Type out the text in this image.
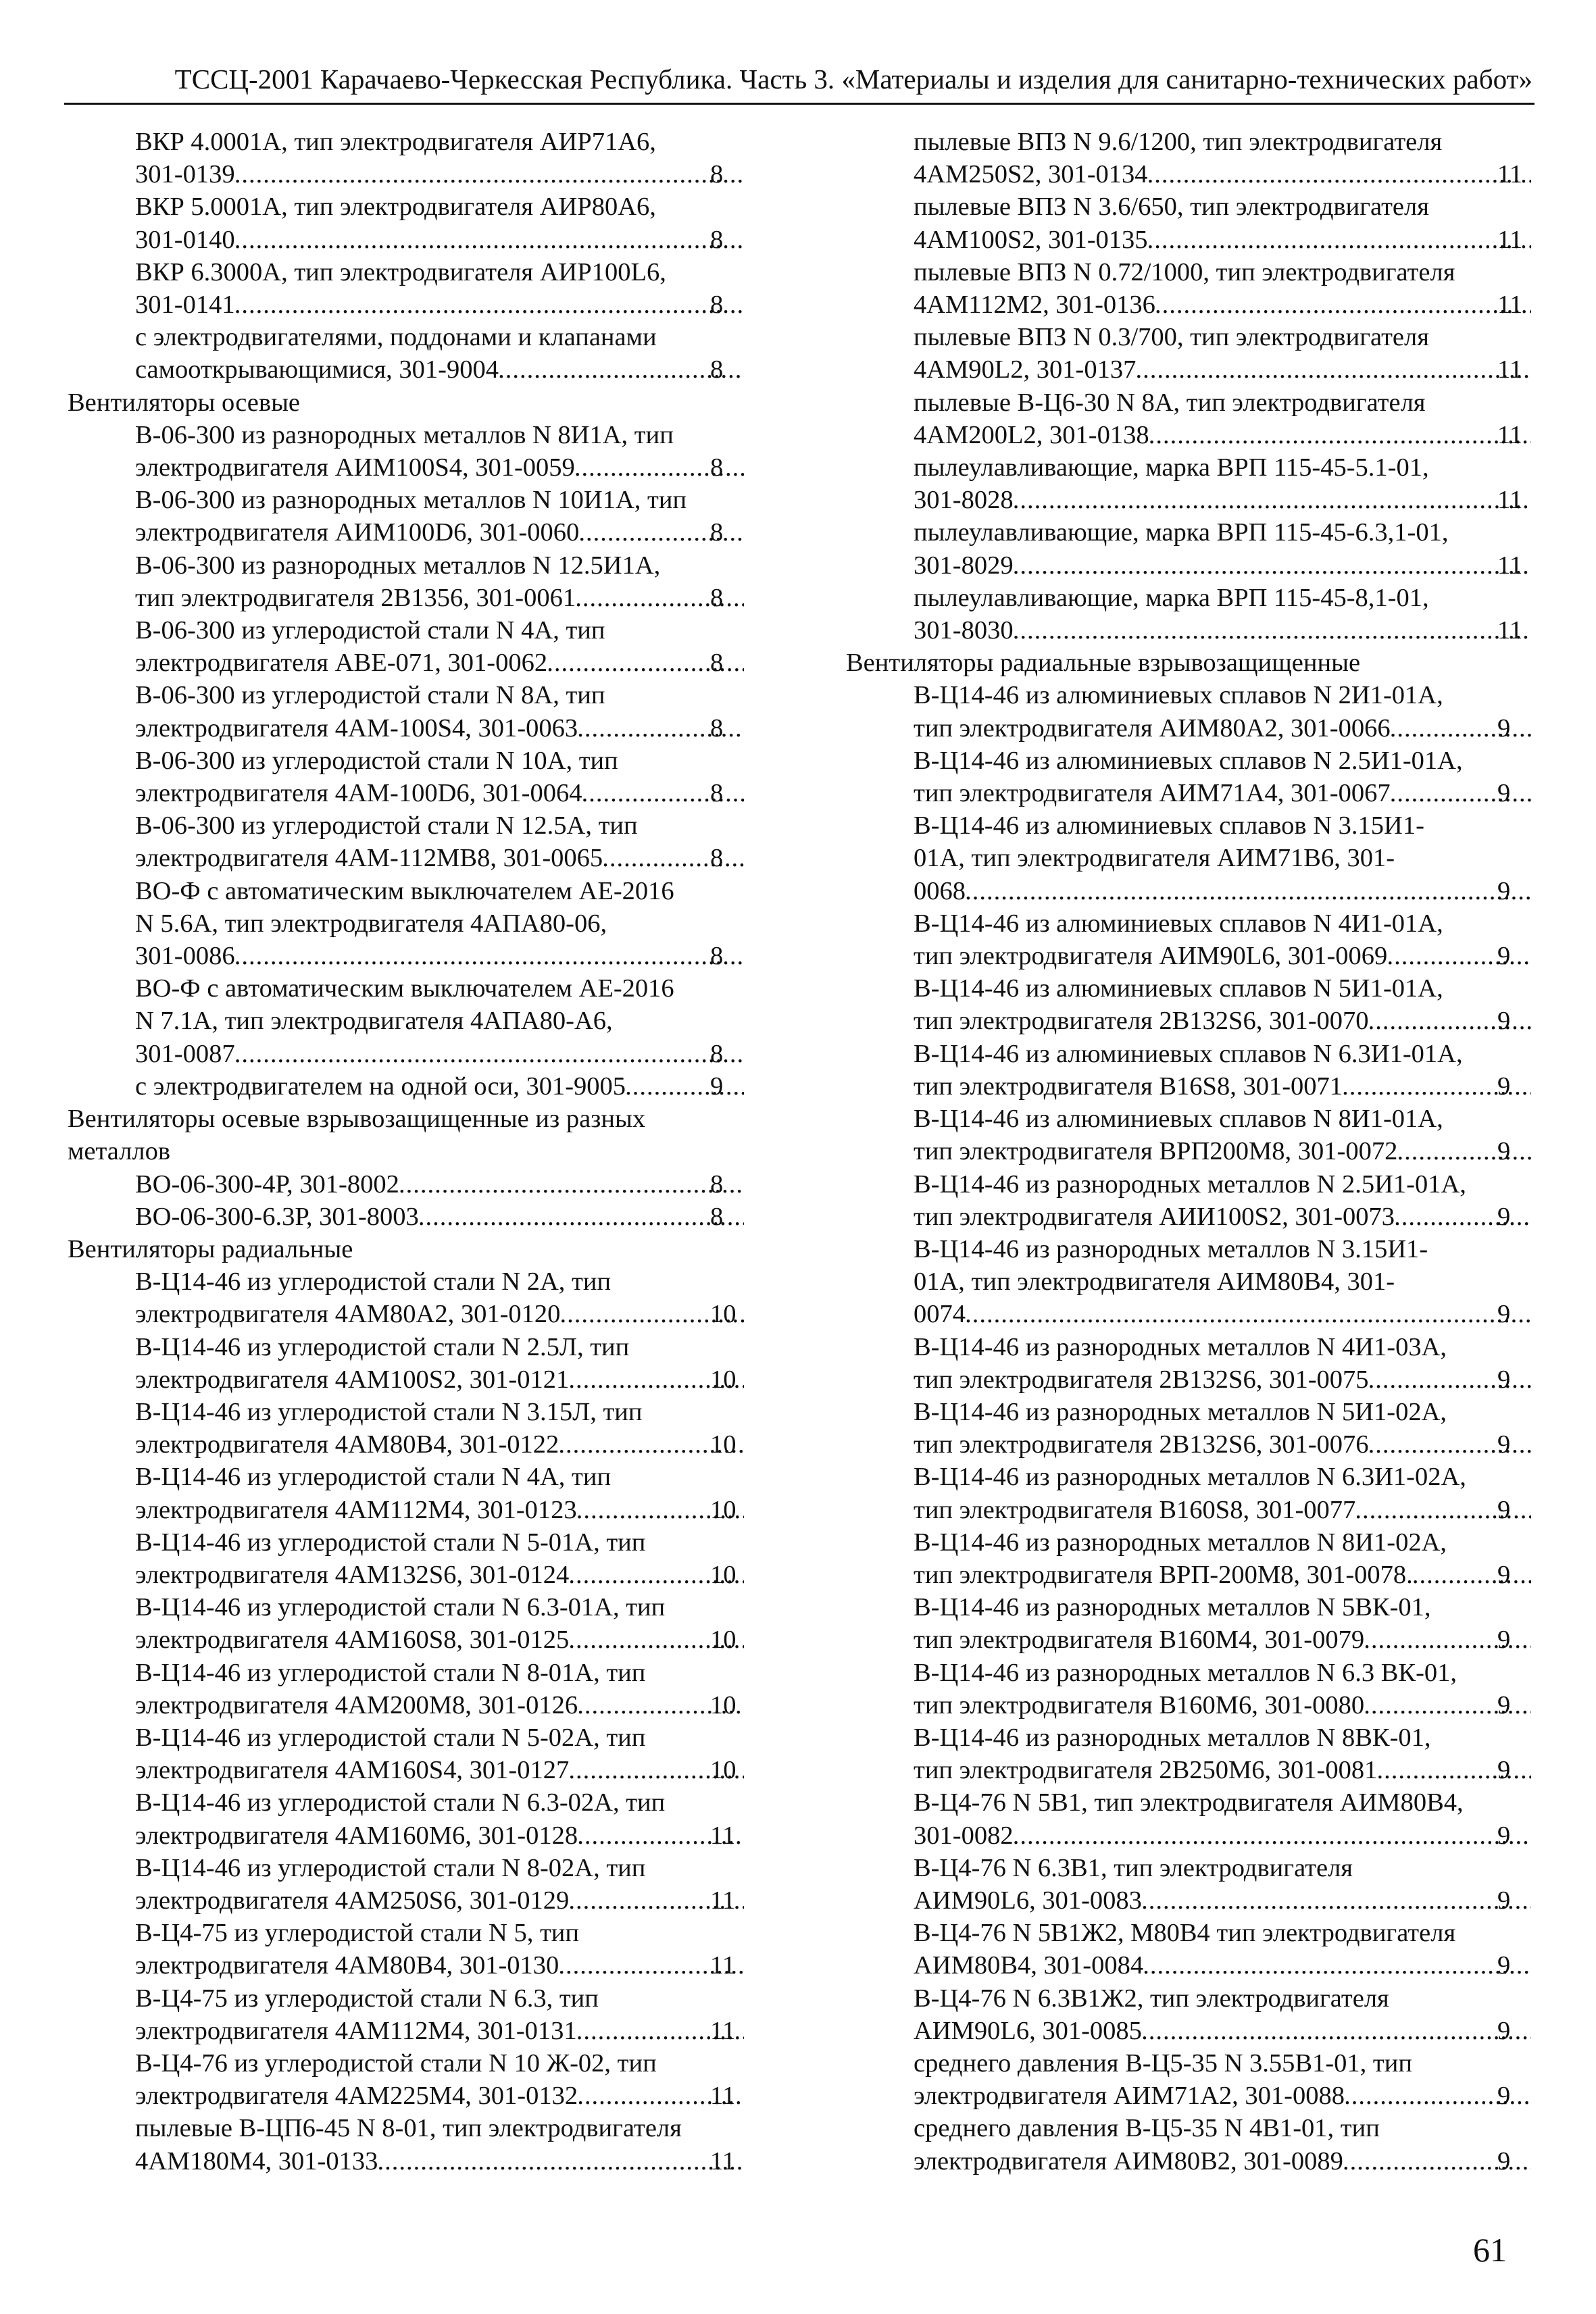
ТССЦ-2001 Карачаево-Черкесская Республика. Часть 3. «Материалы и изделия для санитарно-технических работ»
ВКР 4.0001А, тип электродвигателя АИР71А6,
301-0139 .....	8
ВКР 5.0001А, тип электродвигателя АИР80А6,
301-0140 .....	8
ВКР 6.3000А, тип электродвигателя АИР100L6,
301-0141 .....	8
с электродвигателями, поддонами и клапанами
самооткрывающимися, 301-9004 .....	8
Вентиляторы осевые
В-06-300 из разнородных металлов N 8И1А, тип
электродвигателя АИМ100S4, 301-0059 .....	8
В-06-300 из разнородных металлов N 10И1А, тип
электродвигателя АИМ100D6, 301-0060 .....	8
В-06-300 из разнородных металлов N 12.5И1А,
тип электродвигателя 2В1356, 301-0061 .....	8
В-06-300 из углеродистой стали N 4А, тип
электродвигателя АВЕ-071, 301-0062 .....	8
В-06-300 из углеродистой стали N 8А, тип
электродвигателя 4АМ-100S4, 301-0063 .....	8
В-06-300 из углеродистой стали N 10А, тип
электродвигателя 4АМ-100D6, 301-0064 .....	8
В-06-300 из углеродистой стали N 12.5А, тип
электродвигателя 4АМ-112МВ8, 301-0065 .....	8
ВО-Ф с автоматическим выключателем АЕ-2016
N 5.6А, тип электродвигателя 4АПА80-06,
301-0086 .....	8
ВО-Ф с автоматическим выключателем АЕ-2016
N 7.1А, тип электродвигателя 4АПА80-А6,
301-0087 .....	8
с электродвигателем на одной оси, 301-9005 .....	9
Вентиляторы осевые взрывозащищенные из разных
металлов
ВО-06-300-4Р, 301-8002 .....	8
ВО-06-300-6.3Р, 301-8003 .....	8
Вентиляторы радиальные
В-Ц14-46 из углеродистой стали N 2А, тип
электродвигателя 4АМ80А2, 301-0120 .....	10
В-Ц14-46 из углеродистой стали N 2.5Л, тип
электродвигателя 4АМ100S2, 301-0121 .....	10
В-Ц14-46 из углеродистой стали N 3.15Л, тип
электродвигателя 4АМ80В4, 301-0122 .....	10
В-Ц14-46 из углеродистой стали N 4А, тип
электродвигателя 4АМ112М4, 301-0123 .....	10
В-Ц14-46 из углеродистой стали N 5-01А, тип
электродвигателя 4АМ132S6, 301-0124 .....	10
В-Ц14-46 из углеродистой стали N 6.3-01А, тип
электродвигателя 4АМ160S8, 301-0125 .....	10
В-Ц14-46 из углеродистой стали N 8-01А, тип
электродвигателя 4АМ200М8, 301-0126 .....	10
В-Ц14-46 из углеродистой стали N 5-02А, тип
электродвигателя 4АМ160S4, 301-0127 .....	10
В-Ц14-46 из углеродистой стали N 6.3-02А, тип
электродвигателя 4АМ160М6, 301-0128 .....	11
В-Ц14-46 из углеродистой стали N 8-02А, тип
электродвигателя 4АМ250S6, 301-0129 .....	11
В-Ц4-75 из углеродистой стали N 5, тип
электродвигателя 4АМ80В4, 301-0130 .....	11
В-Ц4-75 из углеродистой стали N 6.3, тип
электродвигателя 4АМ112М4, 301-0131 .....	11
В-Ц4-76 из углеродистой стали N 10 Ж-02, тип
электродвигателя 4АМ225М4, 301-0132 .....	11
пылевые В-ЦП6-45 N 8-01, тип электродвигателя
4АМ180М4, 301-0133 .....	11
пылевые ВПЗ N 9.6/1200, тип электродвигателя
4АМ250S2, 301-0134 .....	11
пылевые ВПЗ N 3.6/650, тип электродвигателя
4АМ100S2, 301-0135 .....	11
пылевые ВПЗ N 0.72/1000, тип электродвигателя
4АМ112М2, 301-0136 .....	11
пылевые ВПЗ N 0.3/700, тип электродвигателя
4АМ90L2, 301-0137 .....	11
пылевые В-Ц6-30 N 8А, тип электродвигателя
4АМ200L2, 301-0138 .....	11
пылеулавливающие, марка ВРП 115-45-5.1-01,
301-8028 .....	11
пылеулавливающие, марка ВРП 115-45-6.3,1-01,
301-8029 .....	11
пылеулавливающие, марка ВРП 115-45-8,1-01,
301-8030 .....	11
Вентиляторы радиальные взрывозащищенные
В-Ц14-46 из алюминиевых сплавов N 2И1-01А,
тип электродвигателя АИМ80А2, 301-0066 .....	9
В-Ц14-46 из алюминиевых сплавов N 2.5И1-01А,
тип электродвигателя АИМ71А4, 301-0067 .....	9
В-Ц14-46 из алюминиевых сплавов N 3.15И1-
01А, тип электродвигателя АИМ71В6, 301-
0068 .....	9
В-Ц14-46 из алюминиевых сплавов N 4И1-01А,
тип электродвигателя АИМ90L6, 301-0069 .....	9
В-Ц14-46 из алюминиевых сплавов N 5И1-01А,
тип электродвигателя 2В132S6, 301-0070 .....	9
В-Ц14-46 из алюминиевых сплавов N 6.3И1-01А,
тип электродвигателя В16S8, 301-0071 .....	9
В-Ц14-46 из алюминиевых сплавов N 8И1-01А,
тип электродвигателя ВРП200М8, 301-0072 .....	9
В-Ц14-46 из разнородных металлов N 2.5И1-01А,
тип электродвигателя АИИ100S2, 301-0073 .....	9
В-Ц14-46 из разнородных металлов N 3.15И1-
01А, тип электродвигателя АИМ80В4, 301-
0074 .....	9
В-Ц14-46 из разнородных металлов N 4И1-03А,
тип электродвигателя 2В132S6, 301-0075 .....	9
В-Ц14-46 из разнородных металлов N 5И1-02А,
тип электродвигателя 2В132S6, 301-0076 .....	9
В-Ц14-46 из разнородных металлов N 6.3И1-02А,
тип электродвигателя В160S8, 301-0077 .....	9
В-Ц14-46 из разнородных металлов N 8И1-02А,
тип электродвигателя ВРП-200М8, 301-0078. .....	9
В-Ц14-46 из разнородных металлов N 5ВК-01,
тип электродвигателя В160М4, 301-0079 .....	9
В-Ц14-46 из разнородных металлов N 6.3 ВК-01,
тип электродвигателя В160М6, 301-0080 .....	9
В-Ц14-46 из разнородных металлов N 8ВК-01,
тип электродвигателя 2В250М6, 301-0081 .....	9
В-Ц4-76 N 5В1, тип электродвигателя АИМ80В4,
301-0082 .....	9
В-Ц4-76 N 6.3В1, тип электродвигателя
АИМ90L6, 301-0083 .....	9
В-Ц4-76 N 5В1Ж2, М80В4 тип электродвигателя
АИМ80В4, 301-0084 .....	9
В-Ц4-76 N 6.3В1Ж2, тип электродвигателя
АИМ90L6, 301-0085 .....	9
среднего давления В-Ц5-35 N 3.55В1-01, тип
электродвигателя АИМ71А2, 301-0088 .....	9
среднего давления В-Ц5-35 N 4В1-01, тип
электродвигателя АИМ80В2, 301-0089 .....	9
61
